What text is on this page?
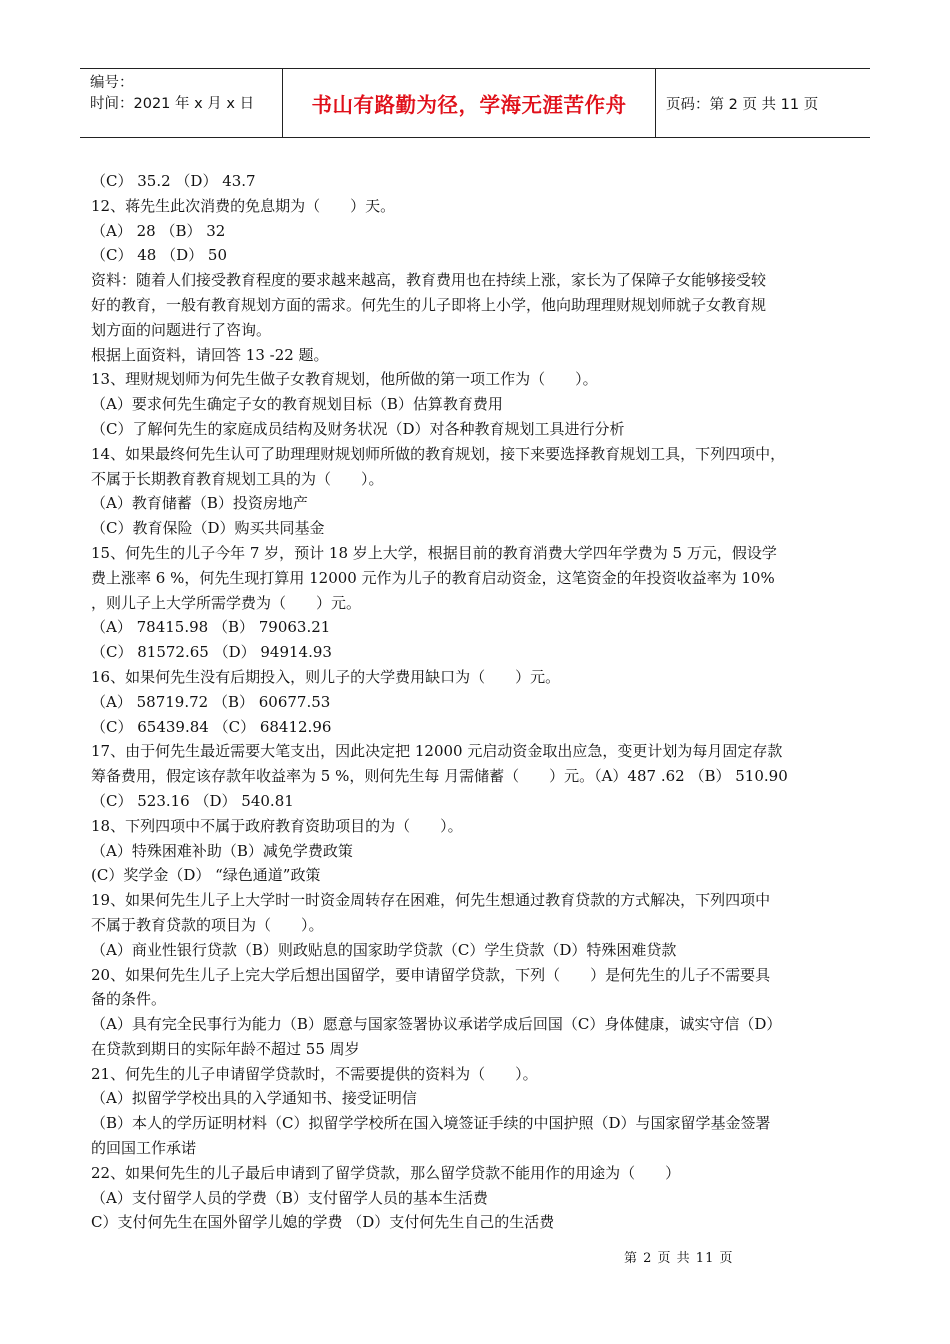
编号：
时间：2021 年 x 月 x 日	书山有路勤为径，学海无涯苦作舟	页码：第 2 页 共 11 页
（C） 35.2 （D） 43.7
12、蒋先生此次消费的免息期为（　　）天。
（A） 28 （B） 32
（C） 48 （D） 50
资料：随着人们接受教育程度的要求越来越高，教育费用也在持续上涨，家长为了保障子女能够接受较
好的教育，一般有教育规划方面的需求。何先生的儿子即将上小学，他向助理理财规划师就子女教育规
划方面的问题进行了咨询。
根据上面资料，请回答 13 -22 题。
13、理财规划师为何先生做子女教育规划，他所做的第一项工作为（　　）。
（A）要求何先生确定子女的教育规划目标（B）估算教育费用
（C）了解何先生的家庭成员结构及财务状况（D）对各种教育规划工具进行分析
14、如果最终何先生认可了助理理财规划师所做的教育规划，接下来要选择教育规划工具，下列四项中，
不属于长期教育教育规划工具的为（　　）。
（A）教育储蓄（B）投资房地产
（C）教育保险（D）购买共同基金
15、何先生的儿子今年 7 岁，预计 18 岁上大学，根据目前的教育消费大学四年学费为 5 万元，假设学
费上涨率 6 %，何先生现打算用 12000 元作为儿子的教育启动资金，这笔资金的年投资收益率为 10%
，则儿子上大学所需学费为（　　）元。
（A） 78415.98 （B） 79063.21
（C） 81572.65 （D） 94914.93
16、如果何先生没有后期投入，则儿子的大学费用缺口为（　　）元。
（A） 58719.72 （B） 60677.53
（C） 65439.84 （C） 68412.96
17、由于何先生最近需要大笔支出，因此决定把 12000 元启动资金取出应急，变更计划为每月固定存款
筹备费用，假定该存款年收益率为 5 %，则何先生每 月需储蓄（　　）元。（A）487 .62 （B） 510.90
（C） 523.16 （D） 540.81
18、下列四项中不属于政府教育资助项目的为（　　）。
（A）特殊困难补助（B）减免学费政策
(C）奖学金（D） “绿色通道”政策
19、如果何先生儿子上大学时一时资金周转存在困难，何先生想通过教育贷款的方式解决，下列四项中
不属于教育贷款的项目为（　　）。
（A）商业性银行贷款（B）则政贴息的国家助学贷款（C）学生贷款（D）特殊困难贷款
20、如果何先生儿子上完大学后想出国留学，要申请留学贷款，下列（　　）是何先生的儿子不需要具
备的条件。
（A）具有完全民事行为能力（B）愿意与国家签署协议承诺学成后回国（C）身体健康，诚实守信（D）
在贷款到期日的实际年龄不超过 55 周岁
21、何先生的儿子申请留学贷款时，不需要提供的资料为（　　）。
（A）拟留学学校出具的入学通知书、接受证明信
（B）本人的学历证明材料（C）拟留学学校所在国入境签证手续的中国护照（D）与国家留学基金签署
的回国工作承诺
22、如果何先生的儿子最后申请到了留学贷款，那么留学贷款不能用作的用途为（　　）
（A）支付留学人员的学费（B）支付留学人员的基本生活费
C）支付何先生在国外留学儿媳的学费 （D）支付何先生自己的生活费
第 2 页 共 11 页
